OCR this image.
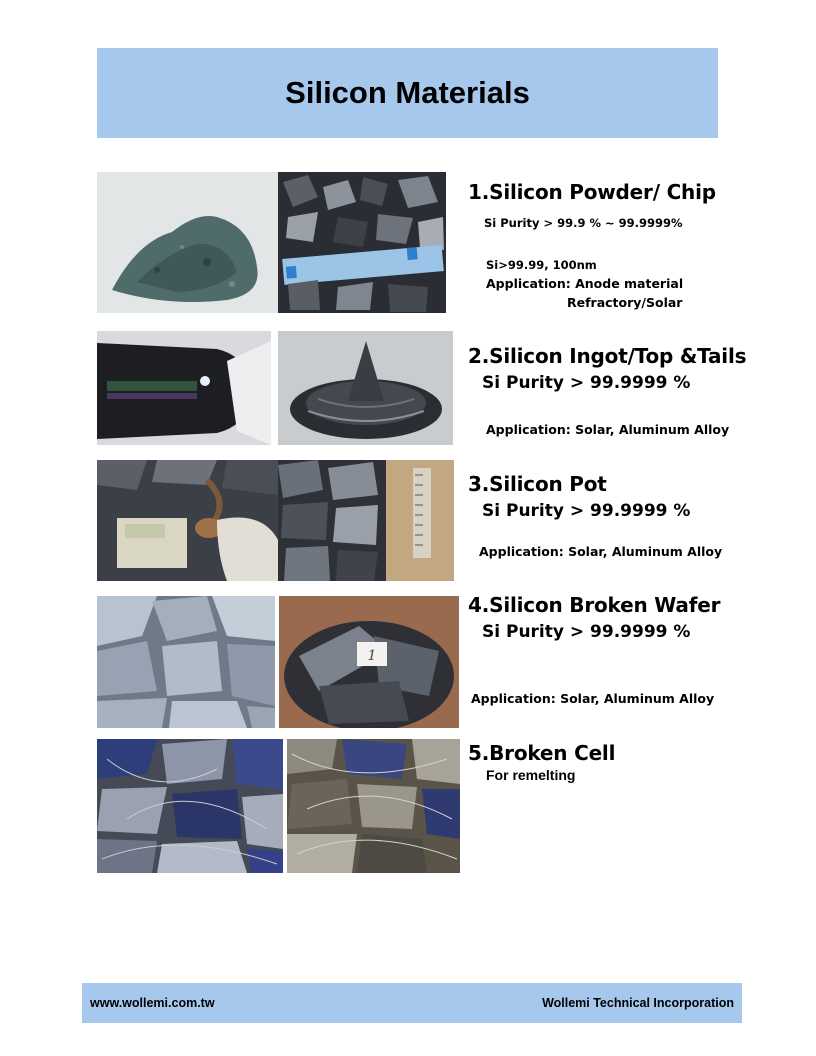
Silicon Materials
1.Silicon Powder/ Chip
Si Purity > 99.9 % ~ 99.9999%
Si>99.99, 100nm
Application: Anode material
Refractory/Solar
2.Silicon Ingot/Top &Tails
Si Purity > 99.9999 %
Application: Solar, Aluminum Alloy
3.Silicon Pot
Si Purity > 99.9999 %
Application: Solar, Aluminum Alloy
1
4.Silicon Broken Wafer
Si Purity > 99.9999 %
Application: Solar, Aluminum Alloy
5.Broken Cell
For remelting
www.wollemi.com.tw	Wollemi Technical Incorporation
